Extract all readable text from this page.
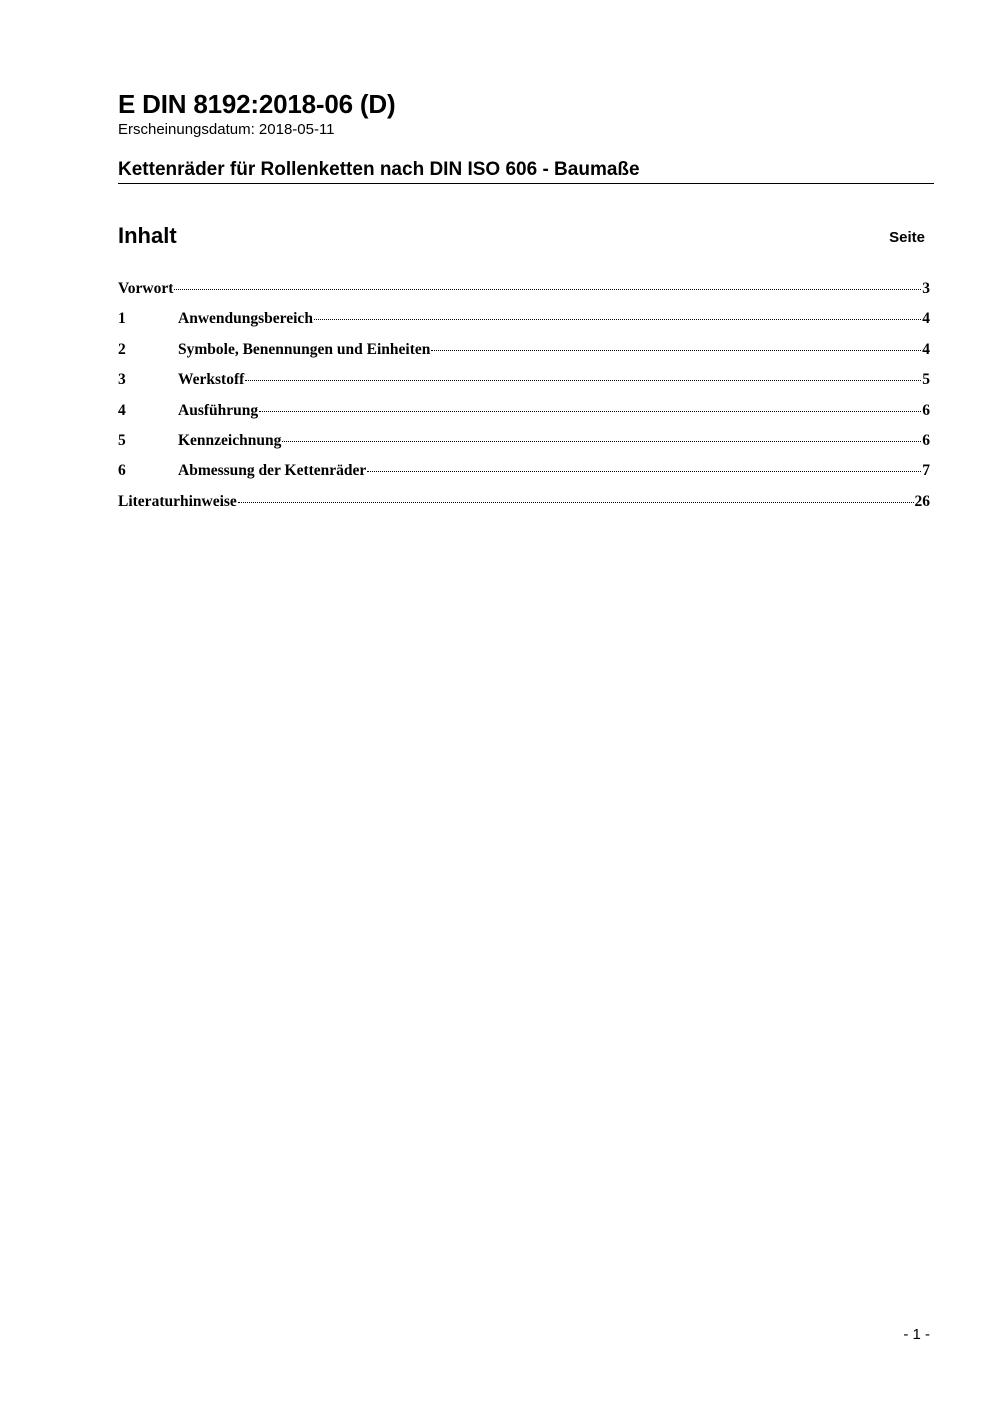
E DIN 8192:2018-06 (D)
Erscheinungsdatum: 2018-05-11
Kettenräder für Rollenketten nach DIN ISO 606 - Baumaße
Inhalt	Seite
Vorwort	3
1	Anwendungsbereich	4
2	Symbole, Benennungen und Einheiten	4
3	Werkstoff	5
4	Ausführung	6
5	Kennzeichnung	6
6	Abmessung der Kettenräder	7
Literaturhinweise	26
- 1 -
